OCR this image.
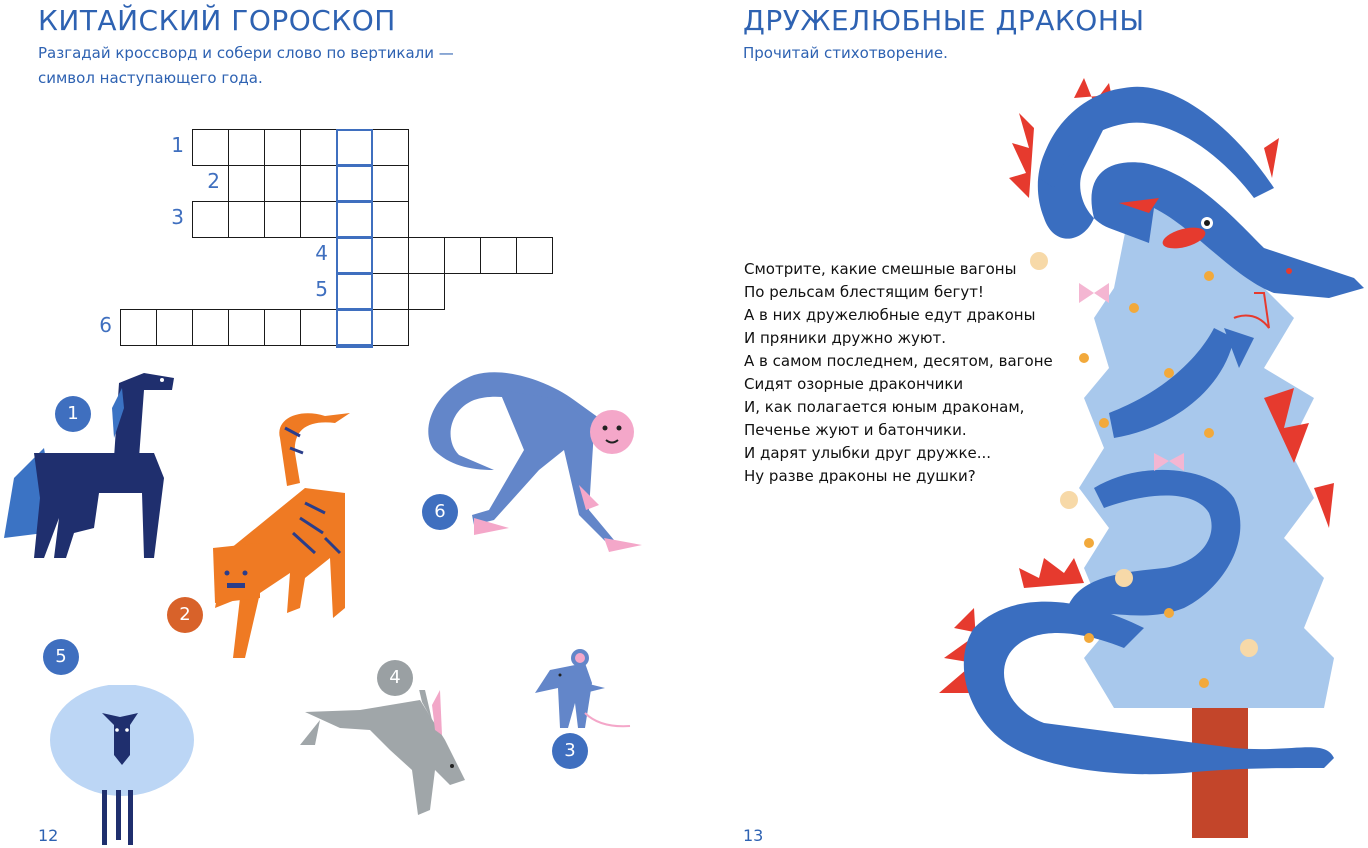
КИТАЙСКИЙ ГОРОСКОП

Разгадай кроссворд и собери слово по вертикали — символ наступающего года.

1
2
3
4
5
6
1
2
6
5
4
3
12
ДРУЖЕЛЮБНЫЕ ДРАКОНЫ

Прочитай стихотворение.

Смотрите, какие смешные вагоны
По рельсам блестящим бегут!
А в них дружелюбные едут драконы
И пряники дружно жуют.
А в самом последнем, десятом, вагоне
Сидят озорные дракончики
И, как полагается юным драконам,
Печенье жуют и батончики.
И дарят улыбки друг дружке...
Ну разве драконы не душки?
13
